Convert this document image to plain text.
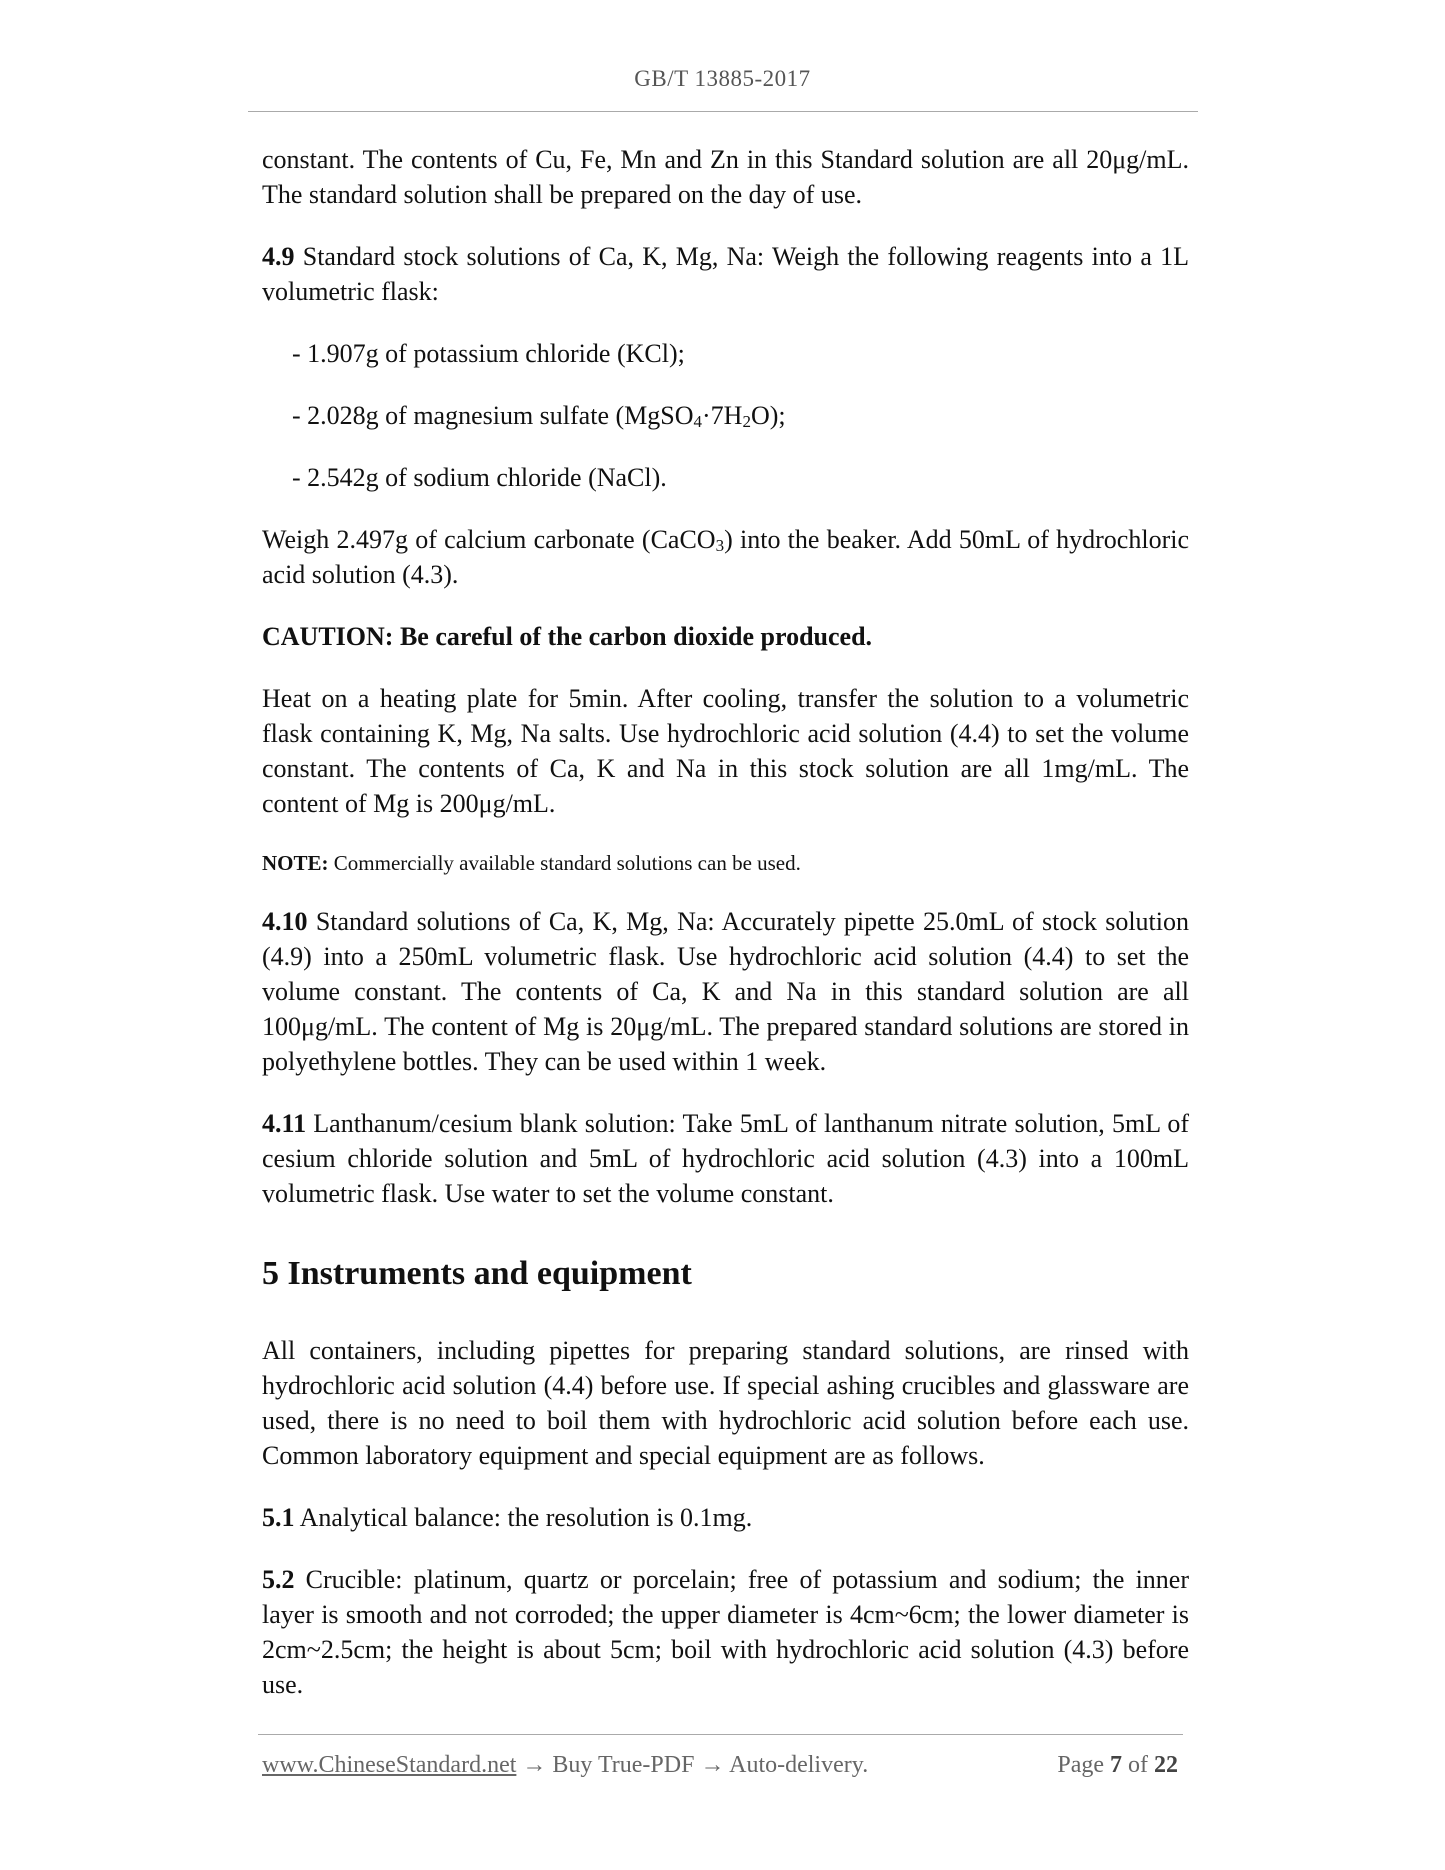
GB/T 13885-2017

constant. The contents of Cu, Fe, Mn and Zn in this Standard solution are all 20μg/mL. The standard solution shall be prepared on the day of use.

4.9 Standard stock solutions of Ca, K, Mg, Na: Weigh the following reagents into a 1L volumetric flask:

- 1.907g of potassium chloride (KCl);

- 2.028g of magnesium sulfate $(MgSO_4\cdot 7H_2O)$;

- 2.542g of sodium chloride (NaCl).

Weigh 2.497g of calcium carbonate (CaCO$_3$) into the beaker. Add 50mL of hydrochloric acid solution (4.3).

CAUTION: Be careful of the carbon dioxide produced.

Heat on a heating plate for 5min. After cooling, transfer the solution to a volumetric flask containing K, Mg, Na salts. Use hydrochloric acid solution (4.4) to set the volume constant. The contents of Ca, K and Na in this stock solution are all 1mg/mL. The content of Mg is 200μg/mL.

NOTE: Commercially available standard solutions can be used.

4.10 Standard solutions of Ca, K, Mg, Na: Accurately pipette 25.0mL of stock solution (4.9) into a 250mL volumetric flask. Use hydrochloric acid solution (4.4) to set the volume constant. The contents of Ca, K and Na in this standard solution are all 100μg/mL. The content of Mg is 20μg/mL. The prepared standard solutions are stored in polyethylene bottles. They can be used within 1 week.

4.11 Lanthanum/cesium blank solution: Take 5mL of lanthanum nitrate solution, 5mL of cesium chloride solution and 5mL of hydrochloric acid solution (4.3) into a 100mL volumetric flask. Use water to set the volume constant.

5 Instruments and equipment

All containers, including pipettes for preparing standard solutions, are rinsed with hydrochloric acid solution (4.4) before use. If special ashing crucibles and glassware are used, there is no need to boil them with hydrochloric acid solution before each use. Common laboratory equipment and special equipment are as follows.

5.1 Analytical balance: the resolution is 0.1mg.

5.2 Crucible: platinum, quartz or porcelain; free of potassium and sodium; the inner layer is smooth and not corroded; the upper diameter is 4cm~6cm; the lower diameter is 2cm~2.5cm; the height is about 5cm; boil with hydrochloric acid solution (4.3) before use.

www.ChineseStandard.net → Buy True-PDF → Auto-delivery.	Page 7 of 22
